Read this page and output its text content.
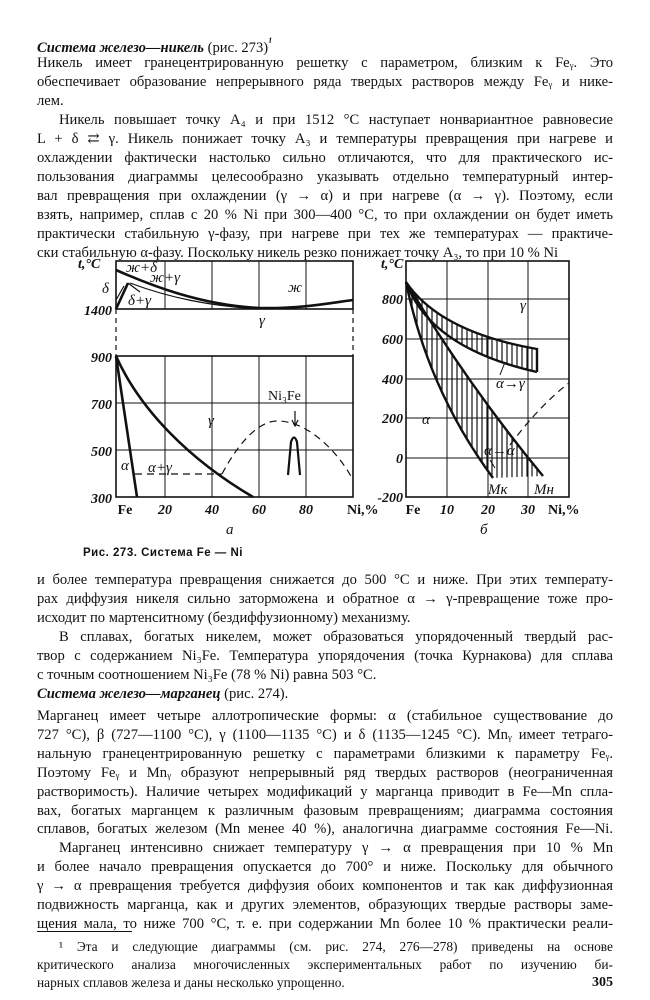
Система железо—никель (рис. 273)$^{^1}$
Никель имеет гранецентрированную решетку с параметром, близким к Feᵧ. Это
обеспечивает образование непрерывного ряда твердых растворов между Feᵧ и нике-
лем.
Никель повышает точку A₄ и при 1512 °C наступает нонвариантное равновесие
L + δ ⇄ γ. Никель понижает точку A₃ и температуры превращения при нагреве и
охлаждении фактически настолько сильно отличаются, что для практического ис-
пользования диаграммы целесообразно указывать отдельно температурный интер-
вал превращения при охлаждении (γ → α) и при нагреве (α → γ). Поэтому, если
взять, например, сплав с 20 % Ni при 300—400 °C, то при охлаждении он будет иметь
практически стабильную γ-фазу, при нагреве при тех же температурах — практиче-
ски стабильную α-фазу. Поскольку никель резко понижает точку A₃, то при 10 % Ni
t,°C
1400
900
700
500
300
Fe 20 40 60 80 Ni,%
а
ж+δ
ж+γ
δ
δ+γ
ж
γ
γ
α α+γ
Ni₃Fe
t,°C
800
600
400
200
0
-200
Fe 10 20 30 Ni,%
б
γ
α→γ
α
α→α'
Mк Mн
Рис. 273. Система Fe — Ni
и более температура превращения снижается до 500 °C и ниже. При этих температу-
рах диффузия никеля сильно заторможена и обратное α → γ-превращение тоже про-
исходит по мартенситному (бездиффузионному) механизму.
В сплавах, богатых никелем, может образоваться упорядоченный твердый рас-
твор с содержанием Ni₃Fe. Температура упорядочения (точка Курнакова) для сплава
с точным соотношением Ni₃Fe (78 % Ni) равна 503 °C.
Система железо—марганец (рис. 274).
Марганец имеет четыре аллотропические формы: α (стабильное существование до
727 °C), β (727—1100 °C), γ (1100—1135 °C) и δ (1135—1245 °C). Mnᵧ имеет тетраго-
нальную гранецентрированную решетку с параметрами близкими к параметру Feᵧ.
Поэтому Feᵧ и Mnᵧ образуют непрерывный ряд твердых растворов (неограниченная
растворимость). Наличие четырех модификаций у марганца приводит в Fe—Mn спла-
вах, богатых марганцем к различным фазовым превращениям; диаграмма состояния
сплавов, богатых железом (Mn менее 40 %), аналогична диаграмме состояния Fe—Ni.
Марганец интенсивно снижает температуру γ → α превращения при 10 % Mn
и более начало превращения опускается до 700° и ниже. Поскольку для обычного
γ → α превращения требуется диффузия обоих компонентов и так как диффузионная
подвижность марганца, как и других элементов, образующих твердые растворы заме-
щения мала, то ниже 700 °C, т. е. при содержании Mn более 10 % практически реали-
¹ Эта и следующие диаграммы (см. рис. 274, 276—278) приведены на основе
критического анализа многочисленных экспериментальных работ по изучению би-
нарных сплавов железа и даны несколько упрощенно.	305
